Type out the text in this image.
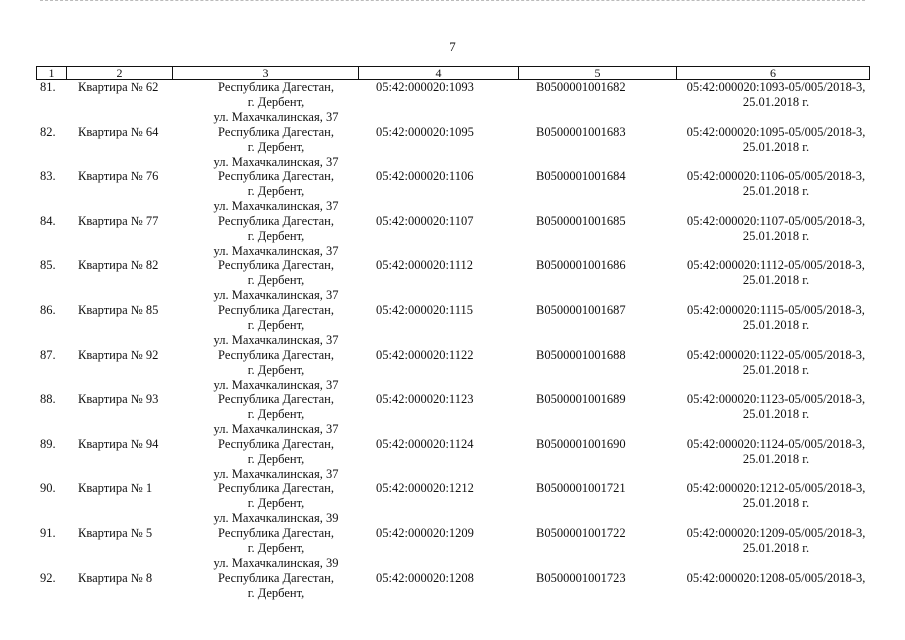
7
1	2	3	4	5	6
81.	Квартира № 62	Республика Дагестан,
г. Дербент,
ул. Махачкалинская, 37
05:42:000020:1093	В0500001001682	05:42:000020:1093-05/005/2018-3,
25.01.2018 г.
82.	Квартира № 64	Республика Дагестан,
г. Дербент,
ул. Махачкалинская, 37
05:42:000020:1095	В0500001001683	05:42:000020:1095-05/005/2018-3,
25.01.2018 г.
83.	Квартира № 76	Республика Дагестан,
г. Дербент,
ул. Махачкалинская, 37
05:42:000020:1106	В0500001001684	05:42:000020:1106-05/005/2018-3,
25.01.2018 г.
84.	Квартира № 77	Республика Дагестан,
г. Дербент,
ул. Махачкалинская, 37
05:42:000020:1107	В0500001001685	05:42:000020:1107-05/005/2018-3,
25.01.2018 г.
85.	Квартира № 82	Республика Дагестан,
г. Дербент,
ул. Махачкалинская, 37
05:42:000020:1112	В0500001001686	05:42:000020:1112-05/005/2018-3,
25.01.2018 г.
86.	Квартира № 85	Республика Дагестан,
г. Дербент,
ул. Махачкалинская, 37
05:42:000020:1115	В0500001001687	05:42:000020:1115-05/005/2018-3,
25.01.2018 г.
87.	Квартира № 92	Республика Дагестан,
г. Дербент,
ул. Махачкалинская, 37
05:42:000020:1122	В0500001001688	05:42:000020:1122-05/005/2018-3,
25.01.2018 г.
88.	Квартира № 93	Республика Дагестан,
г. Дербент,
ул. Махачкалинская, 37
05:42:000020:1123	В0500001001689	05:42:000020:1123-05/005/2018-3,
25.01.2018 г.
89.	Квартира № 94	Республика Дагестан,
г. Дербент,
ул. Махачкалинская, 37
05:42:000020:1124	В0500001001690	05:42:000020:1124-05/005/2018-3,
25.01.2018 г.
90.	Квартира № 1	Республика Дагестан,
г. Дербент,
ул. Махачкалинская, 39
05:42:000020:1212	В0500001001721	05:42:000020:1212-05/005/2018-3,
25.01.2018 г.
91.	Квартира № 5	Республика Дагестан,
г. Дербент,
ул. Махачкалинская, 39
05:42:000020:1209	В0500001001722	05:42:000020:1209-05/005/2018-3,
25.01.2018 г.
92.	Квартира № 8	Республика Дагестан,
г. Дербент,
05:42:000020:1208	В0500001001723	05:42:000020:1208-05/005/2018-3,
